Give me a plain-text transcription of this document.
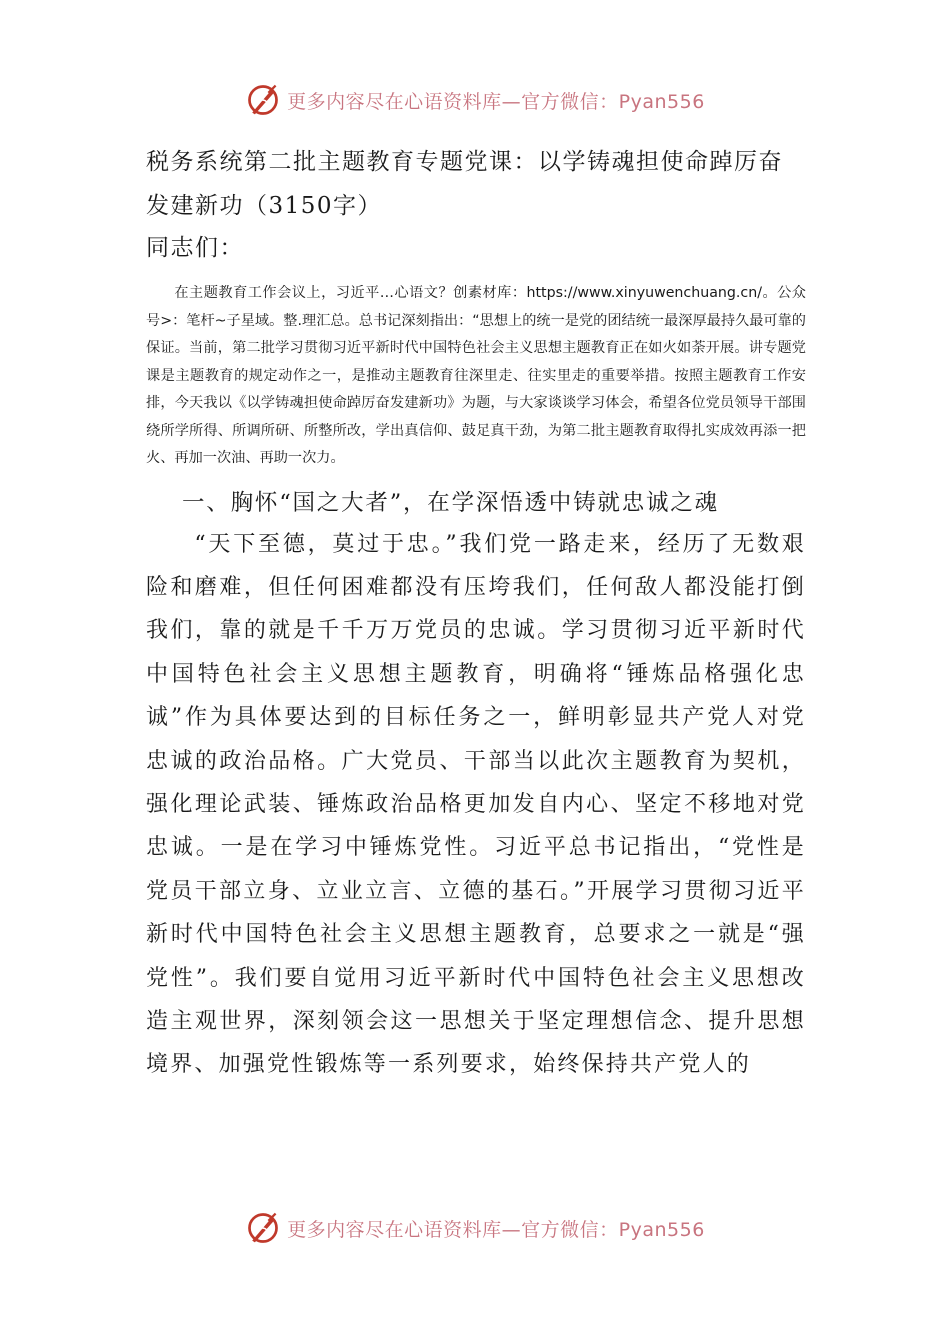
更多内容尽在心语资料库—官方微信：Pyan556
税务系统第二批主题教育专题党课：以学铸魂担使命踔厉奋发建新功（3150字）

同志们：

在主题教育工作会议上，习近平…心语文？创素材库：https://www.xinyuwenchuang.cn/。公众号>：笔杆~子星域。整.理汇总。总书记深刻指出：“思想上的统一是党的团结统一最深厚最持久最可靠的保证。当前，第二批学习贯彻习近平新时代中国特色社会主义思想主题教育正在如火如荼开展。讲专题党课是主题教育的规定动作之一，是推动主题教育往深里走、往实里走的重要举措。按照主题教育工作安排，今天我以《以学铸魂担使命踔厉奋发建新功》为题，与大家谈谈学习体会，希望各位党员领导干部围绕所学所得、所调所研、所整所改，学出真信仰、鼓足真干劲，为第二批主题教育取得扎实成效再添一把火、再加一次油、再助一次力。

一、胸怀“国之大者”，在学深悟透中铸就忠诚之魂

“天下至德，莫过于忠。”我们党一路走来，经历了无数艰险和磨难，但任何困难都没有压垮我们，任何敌人都没能打倒我们，靠的就是千千万万党员的忠诚。学习贯彻习近平新时代中国特色社会主义思想主题教育，明确将“锤炼品格强化忠诚”作为具体要达到的目标任务之一，鲜明彰显共产党人对党忠诚的政治品格。广大党员、干部当以此次主题教育为契机，强化理论武装、锤炼政治品格更加发自内心、坚定不移地对党忠诚。一是在学习中锤炼党性。习近平总书记指出，“党性是党员干部立身、立业立言、立德的基石。”开展学习贯彻习近平新时代中国特色社会主义思想主题教育，总要求之一就是“强党性”。我们要自觉用习近平新时代中国特色社会主义思想改造主观世界，深刻领会这一思想关于坚定理想信念、提升思想境界、加强党性锻炼等一系列要求，始终保持共产党人的

更多内容尽在心语资料库—官方微信：Pyan556
